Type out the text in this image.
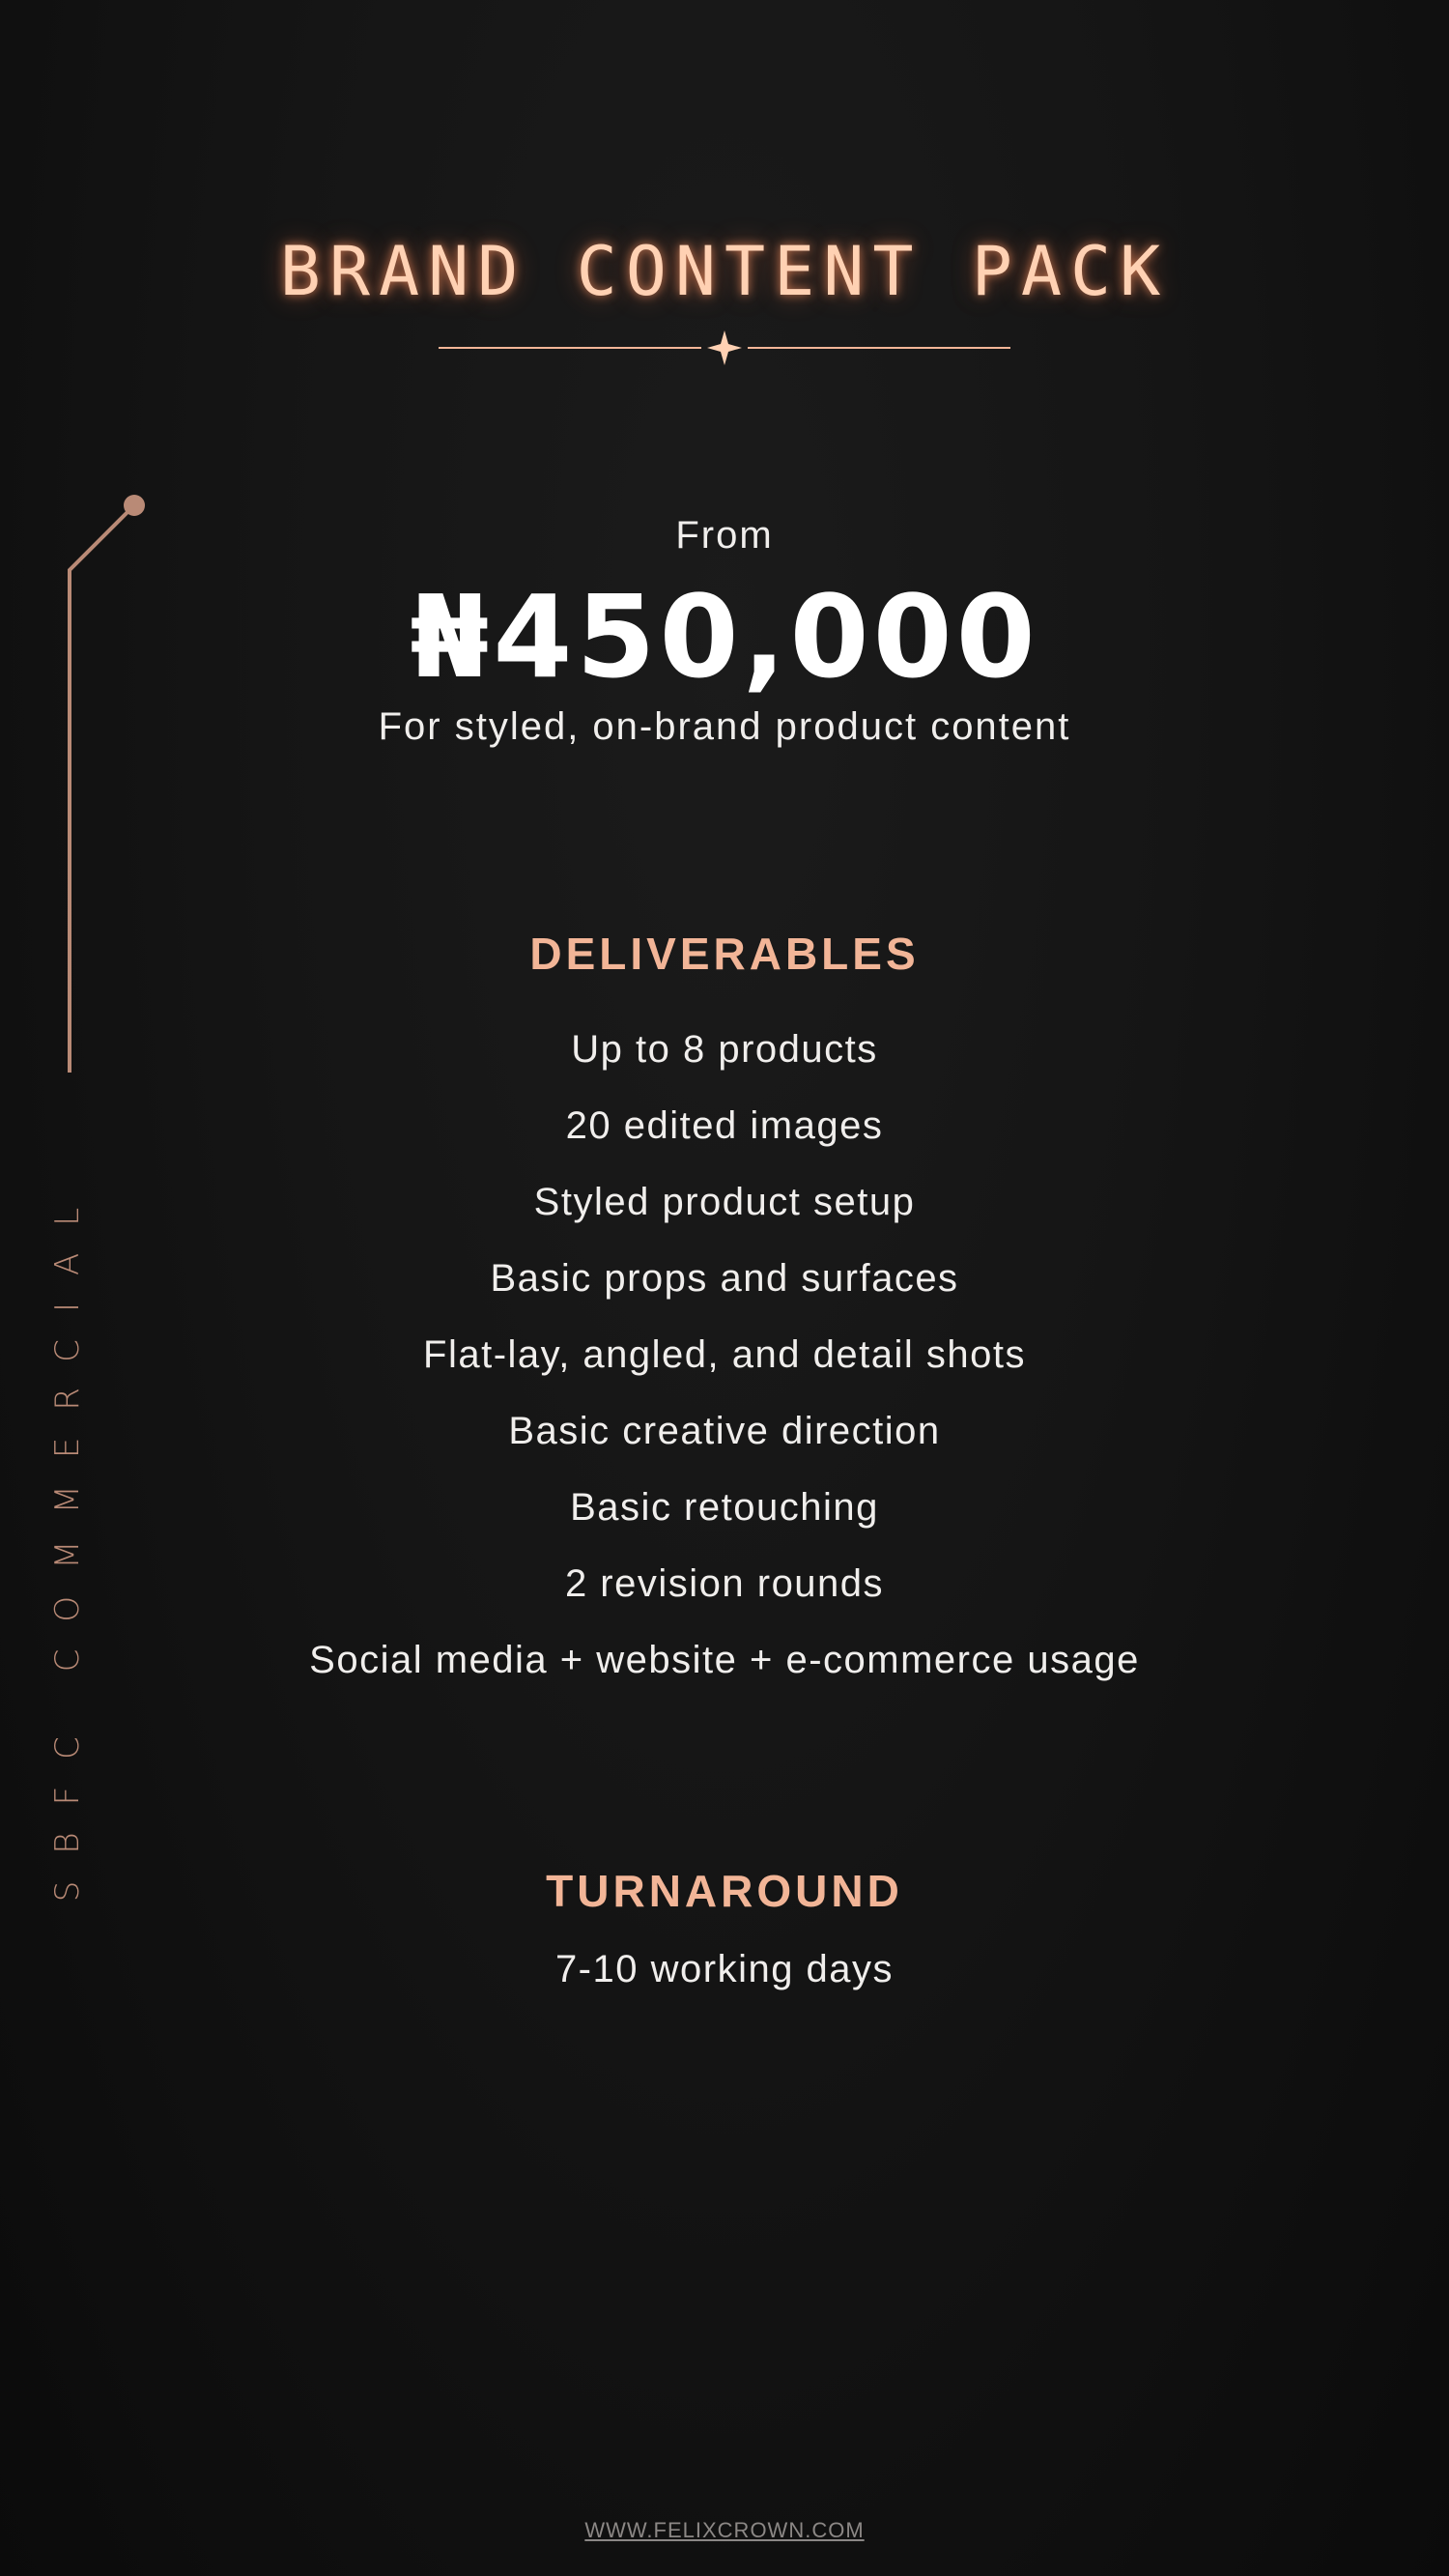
BRAND CONTENT PACK
SBFC COMMERCIAL
From
₦450,000
For styled, on-brand product content
DELIVERABLES
Up to 8 products
20 edited images
Styled product setup
Basic props and surfaces
Flat-lay, angled, and detail shots
Basic creative direction
Basic retouching
2 revision rounds
Social media + website + e-commerce usage
TURNAROUND
7-10 working days
WWW.FELIXCROWN.COM
